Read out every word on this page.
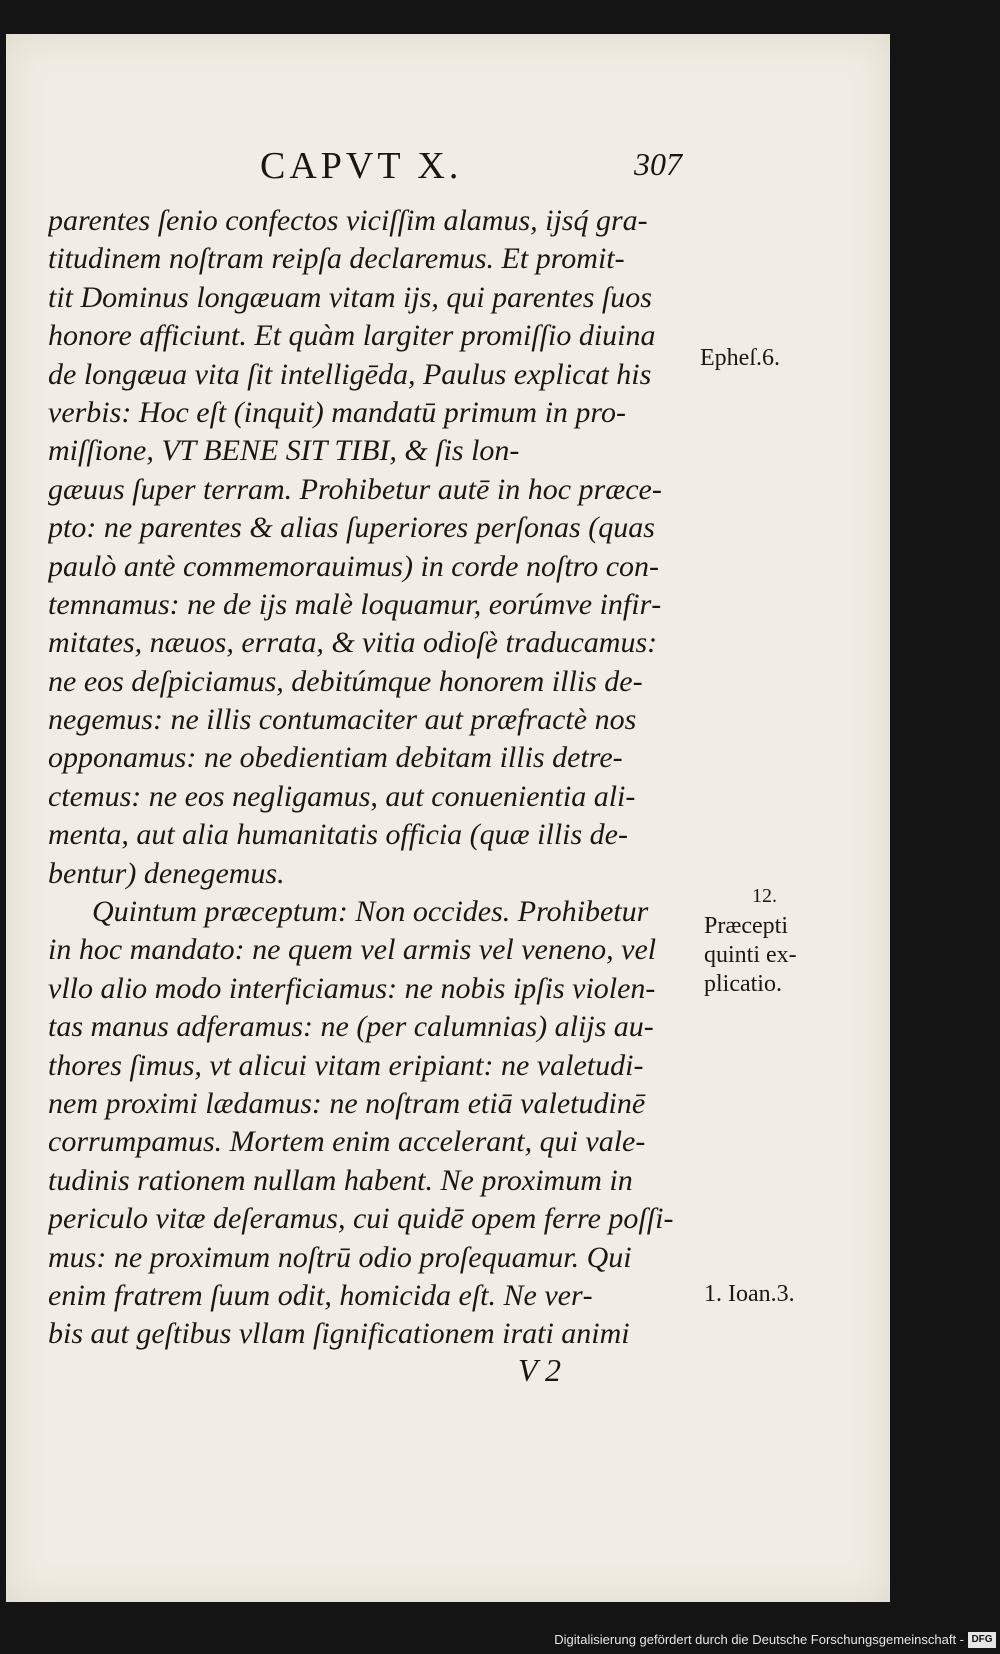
CAPVT X.	307
parentes ſenio confectos viciſſim alamus, ijsq́ gra‑
titudinem noſtram reipſa declaremus. Et promit‑
tit Dominus longæuam vitam ijs, qui parentes ſuos
honore afficiunt. Et quàm largiter promiſſio diuina
de longæua vita ſit intelligēda, Paulus explicat his
verbis: Hoc eſt (inquit) mandatū primum in pro‑
miſſione, VT BENE SIT TIBI, & ſis lon‑
gæuus ſuper terram. Prohibetur autē in hoc præce‑
pto: ne parentes & alias ſuperiores perſonas (quas
paulò antè commemorauimus) in corde noſtro con‑
temnamus: ne de ijs malè loquamur, eorúmve infir‑
mitates, næuos, errata, & vitia odioſè traducamus:
ne eos deſpiciamus, debitúmque honorem illis de‑
negemus: ne illis contumaciter aut præfractè nos
opponamus: ne obedientiam debitam illis detre‑
ctemus: ne eos negligamus, aut conuenientia ali‑
menta, aut alia humanitatis officia (quæ illis de‑
bentur) denegemus.
Quintum præceptum: Non occides. Prohibetur
in hoc mandato: ne quem vel armis vel veneno, vel
vllo alio modo interficiamus: ne nobis ipſis violen‑
tas manus adferamus: ne (per calumnias) alijs au‑
thores ſimus, vt alicui vitam eripiant: ne valetudi‑
nem proximi lædamus: ne noſtram etiā valetudinē
corrumpamus. Mortem enim accelerant, qui vale‑
tudinis rationem nullam habent. Ne proximum in
periculo vitæ deſeramus, cui quidē opem ferre poſſi‑
mus: ne proximum noſtrū odio proſequamur. Qui
enim fratrem ſuum odit, homicida eſt. Ne ver‑
bis aut geſtibus vllam ſignificationem irati animi
Epheſ.6.
12.
Præcepti
quinti ex‑
plicatio.
1. Ioan.3.
V 2
Digitalisierung gefördert durch die Deutsche Forschungsgemeinschaft - DFG
